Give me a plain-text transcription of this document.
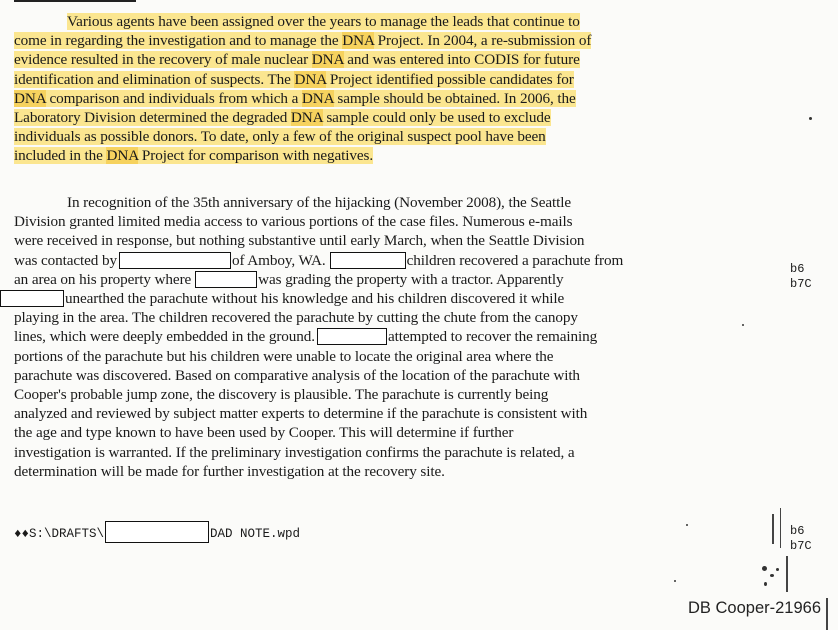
Various agents have been assigned over the years to manage the leads that continue to
come in regarding the investigation and to manage the DNA Project. In 2004, a re-submission of
evidence resulted in the recovery of male nuclear DNA and was entered into CODIS for future
identification and elimination of suspects. The DNA Project identified possible candidates for
DNA comparison and individuals from which a DNA sample should be obtained. In 2006, the
Laboratory Division determined the degraded DNA sample could only be used to exclude
individuals as possible donors. To date, only a few of the original suspect pool have been
included in the DNA Project for comparison with negatives.
In recognition of the 35th anniversary of the hijacking (November 2008), the Seattle
Division granted limited media access to various portions of the case files. Numerous e-mails
were received in response, but nothing substantive until early March, when the Seattle Division
was contacted by	of Amboy, WA.	children recovered a parachute from
an area on his property where	was grading the property with a tractor. Apparently
unearthed the parachute without his knowledge and his children discovered it while
playing in the area. The children recovered the parachute by cutting the chute from the canopy
lines, which were deeply embedded in the ground.	attempted to recover the remaining
portions of the parachute but his children were unable to locate the original area where the
parachute was discovered. Based on comparative analysis of the location of the parachute with
Cooper's probable jump zone, the discovery is plausible. The parachute is currently being
analyzed and reviewed by subject matter experts to determine if the parachute is consistent with
the age and type known to have been used by Cooper. This will determine if further
investigation is warranted. If the preliminary investigation confirms the parachute is related, a
determination will be made for further investigation at the recovery site.
♦♦S:\DRAFTS\	DAD NOTE.wpd
b6
b7C
b6
b7C
DB Cooper-21966
